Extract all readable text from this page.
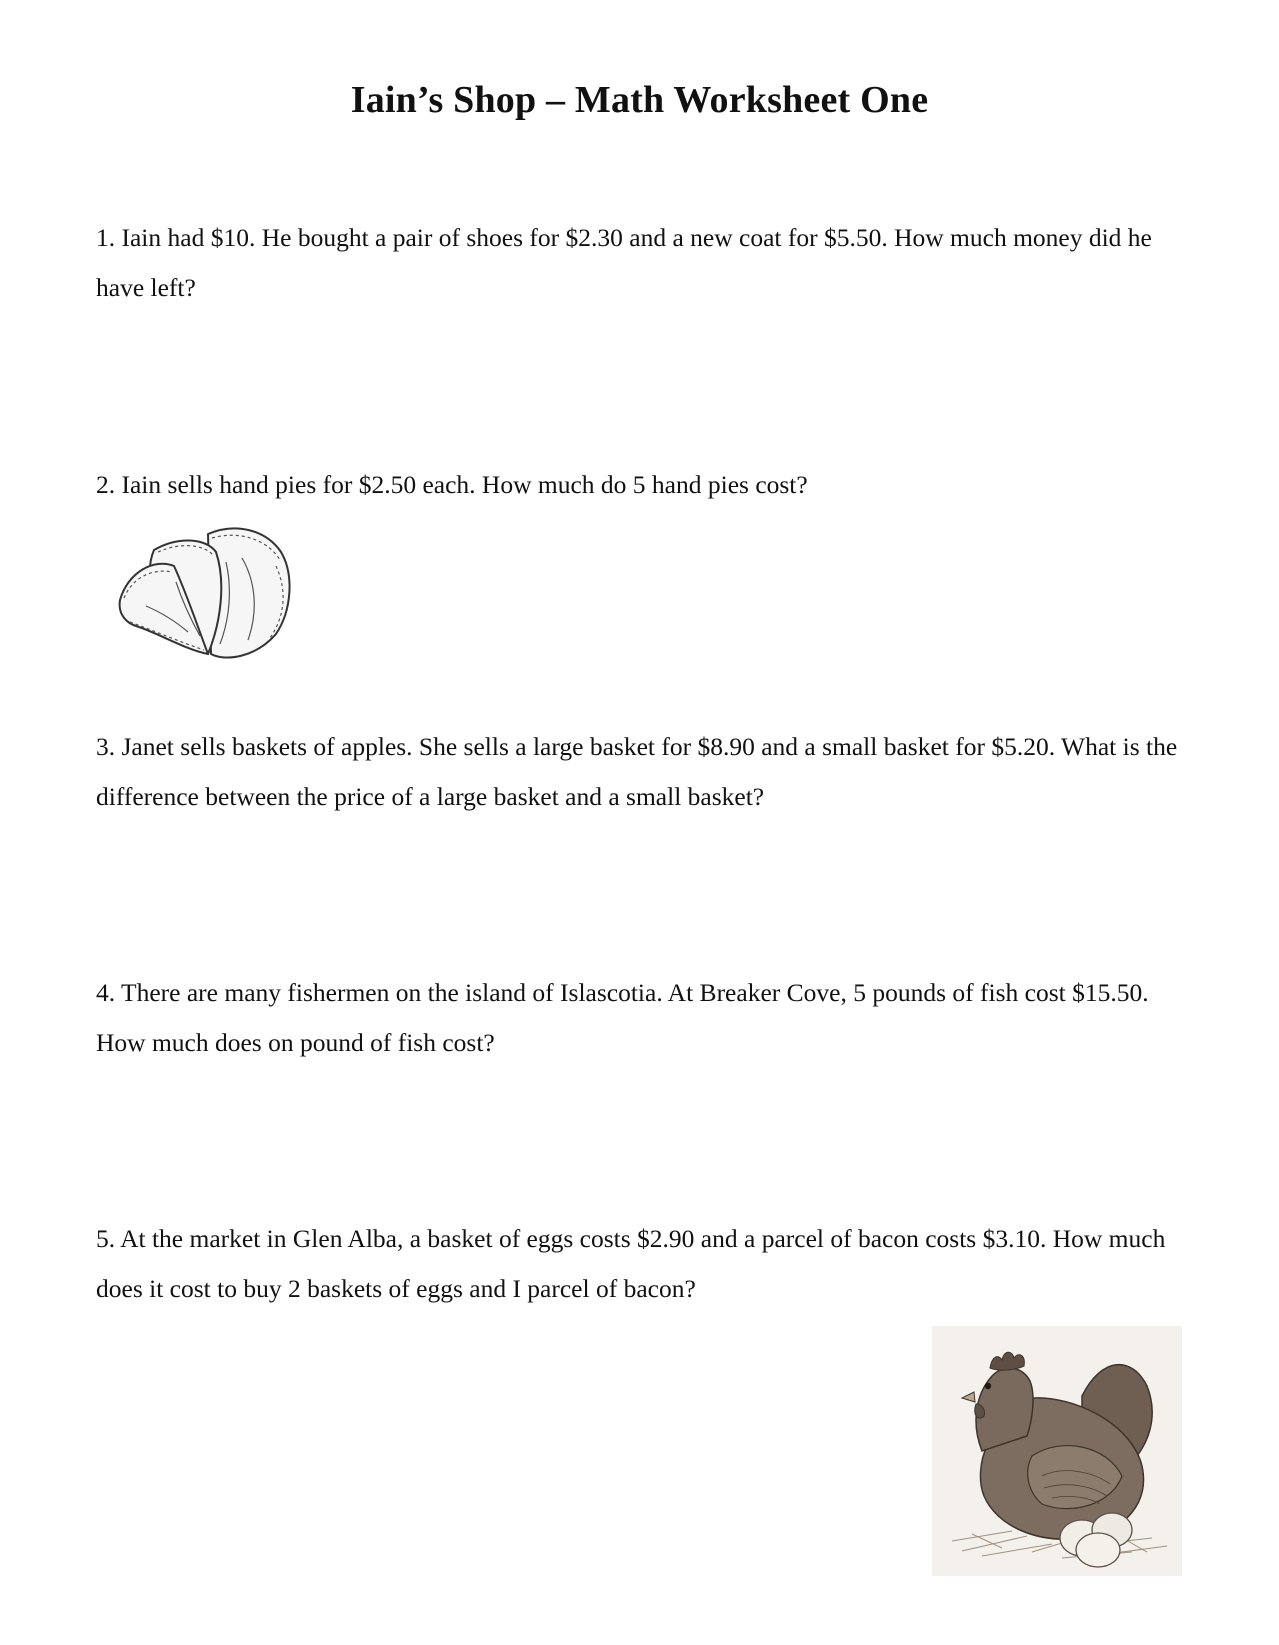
Iain’s Shop – Math Worksheet One

1. Iain had $10. He bought a pair of shoes for $2.30 and a new coat for $5.50. How much money did he have left?

2. Iain sells hand pies for $2.50 each. How much do 5 hand pies cost?

3. Janet sells baskets of apples. She sells a large basket for $8.90 and a small basket for $5.20. What is the difference between the price of a large basket and a small basket?

4. There are many fishermen on the island of Islascotia. At Breaker Cove, 5 pounds of fish cost $15.50. How much does on pound of fish cost?

5. At the market in Glen Alba, a basket of eggs costs $2.90 and a parcel of bacon costs $3.10. How much does it cost to buy 2 baskets of eggs and I parcel of bacon?
